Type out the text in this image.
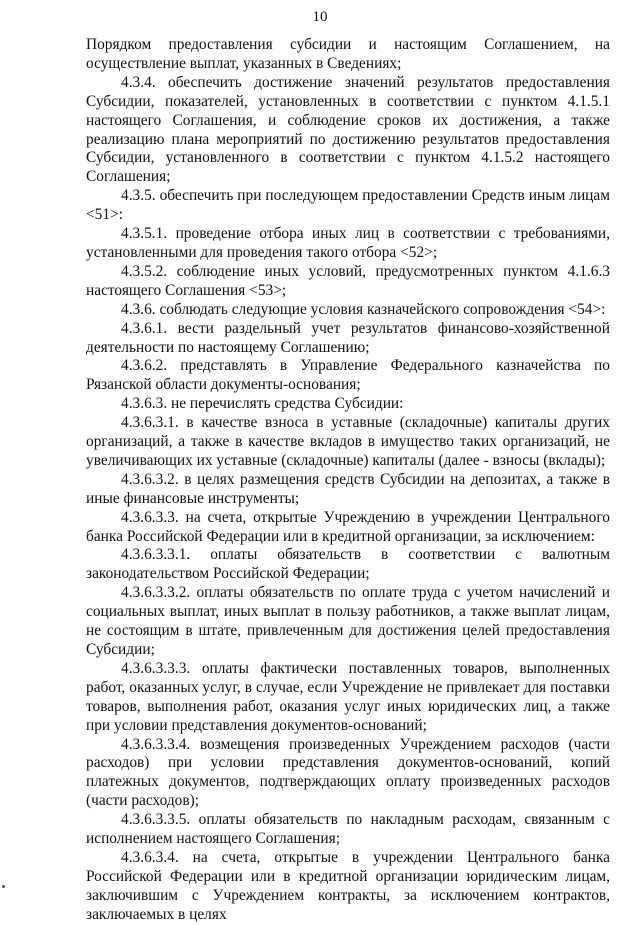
10

Порядком предоставления субсидии и настоящим Соглашением, на осуществление выплат, указанных в Сведениях;

4.3.4. обеспечить достижение значений результатов предоставления Субсидии, показателей, установленных в соответствии с пунктом 4.1.5.1 настоящего Соглашения, и соблюдение сроков их достижения, а также реализацию плана мероприятий по достижению результатов предоставления Субсидии, установленного в соответствии с пунктом 4.1.5.2 настоящего Соглашения;

4.3.5. обеспечить при последующем предоставлении Средств иным лицам <51>:

4.3.5.1. проведение отбора иных лиц в соответствии с требованиями, установленными для проведения такого отбора <52>;

4.3.5.2. соблюдение иных условий, предусмотренных пунктом 4.1.6.3 настоящего Соглашения <53>;

4.3.6. соблюдать следующие условия казначейского сопровождения <54>:

4.3.6.1. вести раздельный учет результатов финансово-хозяйственной деятельности по настоящему Соглашению;

4.3.6.2. представлять в Управление Федерального казначейства по Рязанской области документы-основания;

4.3.6.3. не перечислять средства Субсидии:

4.3.6.3.1. в качестве взноса в уставные (складочные) капиталы других организаций, а также в качестве вкладов в имущество таких организаций, не увеличивающих их уставные (складочные) капиталы (далее - взносы (вклады);

4.3.6.3.2. в целях размещения средств Субсидии на депозитах, а также в иные финансовые инструменты;

4.3.6.3.3. на счета, открытые Учреждению в учреждении Центрального банка Российской Федерации или в кредитной организации, за исключением:

4.3.6.3.3.1. оплаты обязательств в соответствии с валютным законодательством Российской Федерации;

4.3.6.3.3.2. оплаты обязательств по оплате труда с учетом начислений и социальных выплат, иных выплат в пользу работников, а также выплат лицам, не состоящим в штате, привлеченным для достижения целей предоставления Субсидии;

4.3.6.3.3.3. оплаты фактически поставленных товаров, выполненных работ, оказанных услуг, в случае, если Учреждение не привлекает для поставки товаров, выполнения работ, оказания услуг иных юридических лиц, а также при условии представления документов-оснований;

4.3.6.3.3.4. возмещения произведенных Учреждением расходов (части расходов) при условии представления документов-оснований, копий платежных документов, подтверждающих оплату произведенных расходов (части расходов);

4.3.6.3.3.5. оплаты обязательств по накладным расходам, связанным с исполнением настоящего Соглашения;

4.3.6.3.4. на счета, открытые в учреждении Центрального банка Российской Федерации или в кредитной организации юридическим лицам, заключившим с Учреждением контракты, за исключением контрактов, заключаемых в целях
